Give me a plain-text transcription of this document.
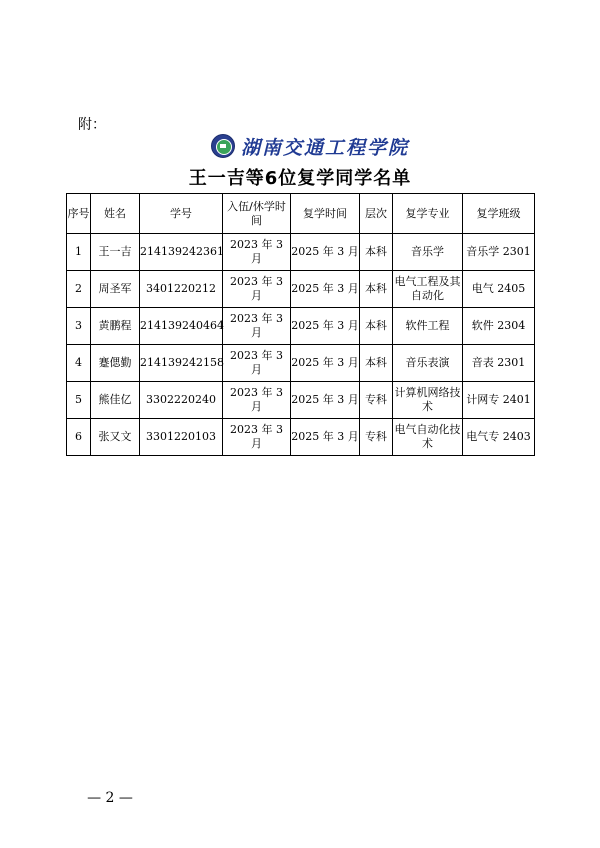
附：
湖南交通工程学院
王一吉等6位复学同学名单
序号	姓名	学号	入伍/休学时间	复学时间	层次	复学专业	复学班级
1	王一吉	214139242361	2023 年 3 月	2025 年 3 月	本科	音乐学	音乐学 2301
2	周圣军	3401220212	2023 年 3 月	2025 年 3 月	本科	电气工程及其自动化	电气 2405
3	黄鹏程	214139240464	2023 年 3 月	2025 年 3 月	本科	软件工程	软件 2304
4	蹇偲勤	214139242158	2023 年 3 月	2025 年 3 月	本科	音乐表演	音表 2301
5	熊佳亿	3302220240	2023 年 3 月	2025 年 3 月	专科	计算机网络技术	计网专 2401
6	张又文	3301220103	2023 年 3 月	2025 年 3 月	专科	电气自动化技术	电气专 2403
— 2 —
